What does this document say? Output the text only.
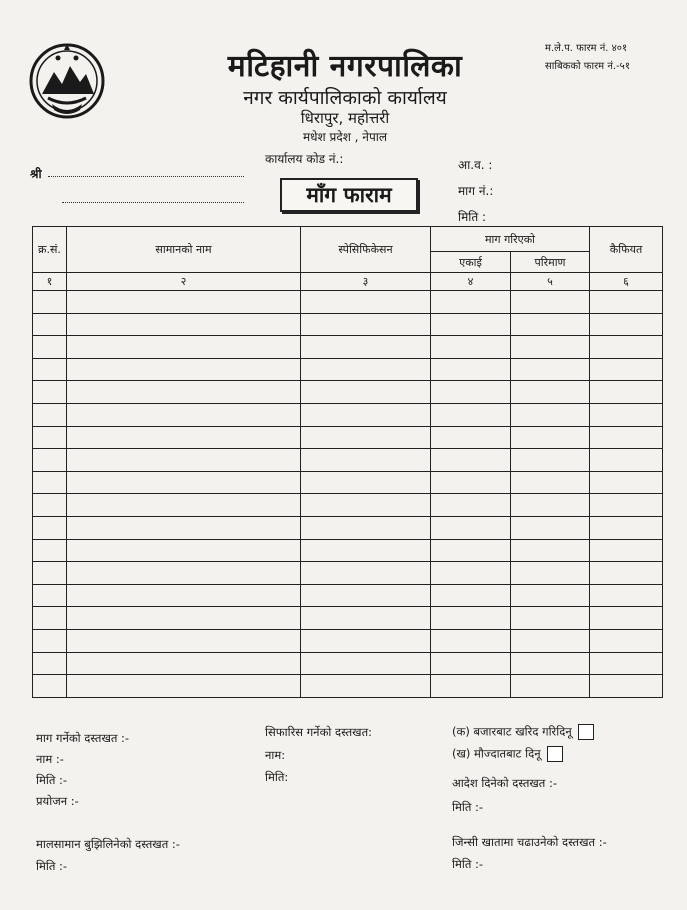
म.ले.प. फारम नं. ४०१
साबिकको फारम नं.-५१
मटिहानी नगरपालिका
नगर कार्यपालिकाको कार्यालय
धिरापुर, महोत्तरी
मधेश प्रदेश , नेपाल
कार्यालय कोड नं.:
श्री
माँग फाराम
आ.व. :
माग नं.:
मिति :
क्र.सं.	सामानको नाम	स्पेसिफिकेसन	माग गरिएको		कैफियत
			एकाई	परिमाण	
१	२	३	४	५	६

माग गर्नेको दस्तखत :-
नाम :-
मिति :-
प्रयोजन :-
सिफारिस गर्नेको दस्तखत:
नाम:
मिति:
(क) बजारबाट खरिद गरिदिनू
(ख) मौज्दातबाट दिनू
आदेश दिनेको दस्तखत :-
मिति :-
मालसामान बुझिलिनेको दस्तखत :-
मिति :-
जिन्सी खातामा चढाउनेको दस्तखत :-
मिति :-
